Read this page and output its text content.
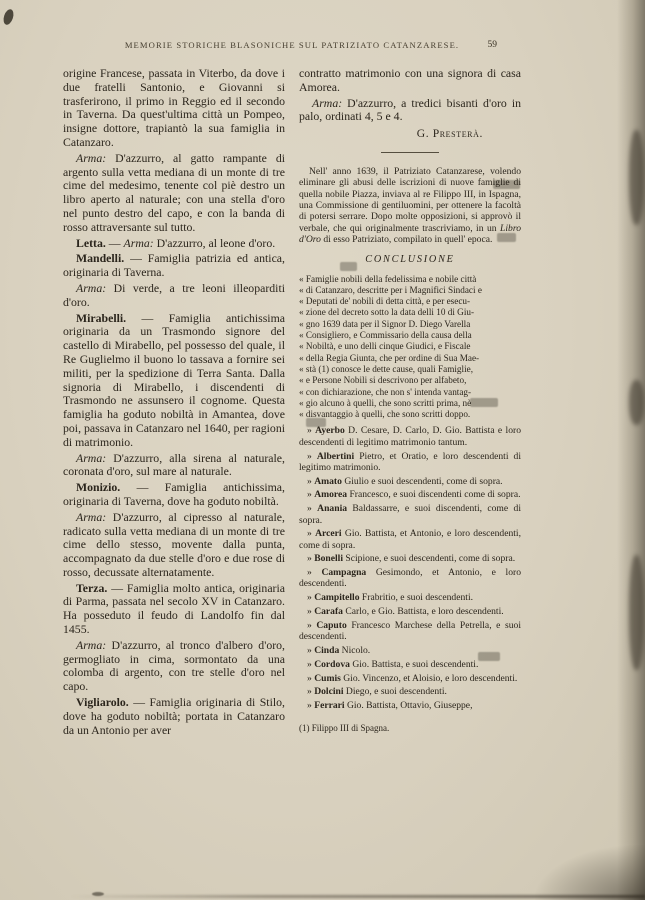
MEMORIE STORICHE BLASONICHE SUL PATRIZIATO CATANZARESE.	59

origine Francese, passata in Viterbo, da dove i due fratelli Santonio, e Giovanni si trasferirono, il primo in Reggio ed il secondo in Taverna. Da quest'ultima città un Pompeo, insigne dottore, trapiantò la sua famiglia in Catanzaro.

Arma: D'azzurro, al gatto rampante di argento sulla vetta mediana di un monte di tre cime del medesimo, tenente col piè destro un libro aperto al naturale; con una stella d'oro nel punto destro del capo, e con la banda di rosso attraversante sul tutto.

Letta. — Arma: D'azzurro, al leone d'oro.

Mandelli. — Famiglia patrizia ed antica, originaria di Taverna.

Arma: Di verde, a tre leoni illeoparditi d'oro.

Mirabelli. — Famiglia antichissima originaria da un Trasmondo signore del castello di Mirabello, pel possesso del quale, il Re Guglielmo il buono lo tassava a fornire sei militi, per la spedizione di Terra Santa. Dalla signoria di Mirabello, i discendenti di Trasmondo ne assunsero il cognome. Questa famiglia ha goduto nobiltà in Amantea, dove poi, passava in Catanzaro nel 1640, per ragioni di matrimonio.

Arma: D'azzurro, alla sirena al naturale, coronata d'oro, sul mare al naturale.

Monizio. — Famiglia antichissima, originaria di Taverna, dove ha goduto nobiltà.

Arma: D'azzurro, al cipresso al naturale, radicato sulla vetta mediana di un monte di tre cime dello stesso, movente dalla punta, accompagnato da due stelle d'oro e due rose di rosso, decussate alternatamente.

Terza. — Famiglia molto antica, originaria di Parma, passata nel secolo XV in Catanzaro. Ha posseduto il feudo di Landolfo fin dal 1455.

Arma: D'azzurro, al tronco d'albero d'oro, germogliato in cima, sormontato da una colomba di argento, con tre stelle d'oro nel capo.

Vigliarolo. — Famiglia originaria di Stilo, dove ha goduto nobiltà; portata in Catanzaro da un Antonio per aver

contratto matrimonio con una signora di casa Amorea.

Arma: D'azzurro, a tredici bisanti d'oro in palo, ordinati 4, 5 e 4.

G. Presterà.

Nell' anno 1639, il Patriziato Catanzarese, volendo eliminare gli abusi delle iscrizioni di nuove famiglie di quella nobile Piazza, inviava al re Filippo III, in Ispagna, una Commissione di gentiluomini, per ottenere la facoltà di potersi serrare. Dopo molte opposizioni, si approvò il verbale, che qui originalmente trascriviamo, in un Libro d'Oro di esso Patriziato, compilato in quell' epoca.

CONCLUSIONE
« Famiglie nobili della fedelissima e nobile città
« di Catanzaro, descritte per i Magnifici Sindaci e
« Deputati de' nobili di detta città, e per esecu-
« zione del decreto sotto la data delli 10 di Giu-
« gno 1639 data per il Signor D. Diego Varella
« Consigliero, e Commissario della causa della
« Nobiltà, e uno delli cinque Giudici, e Fiscale
« della Regia Giunta, che per ordine di Sua Mae-
« stà (1) conosce le dette cause, quali Famiglie,
« e Persone Nobili si descrivono per alfabeto,
« con dichiarazione, che non s' intenda vantag-
« gio alcuno à quelli, che sono scritti prima, nè
« disvantaggio à quelli, che sono scritti doppo.

» Ayerbo D. Cesare, D. Carlo, D. Gio. Battista e loro descendenti di legitimo matrimonio tantum.

» Albertini Pietro, et Oratio, e loro descendenti di legitimo matrimonio.

» Amato Giulio e suoi descendenti, come di sopra.

» Amorea Francesco, e suoi discendenti come di sopra.

» Anania Baldassarre, e suoi discendenti, come di sopra.

» Arceri Gio. Battista, et Antonio, e loro descendenti, come di sopra.

» Bonelli Scipione, e suoi descendenti, come di sopra.

» Campagna Gesimondo, et Antonio, e loro descendenti.

» Campitello Frabritio, e suoi descendenti.

» Carafa Carlo, e Gio. Battista, e loro descendenti.

» Caputo Francesco Marchese della Petrella, e suoi descendenti.

» Cinda Nicolo.

» Cordova Gio. Battista, e suoi descendenti.

» Cumis Gio. Vincenzo, et Aloisio, e loro descendenti.

» Dolcini Diego, e suoi descendenti.

» Ferrari Gio. Battista, Ottavio, Giuseppe,

(1) Filippo III di Spagna.
